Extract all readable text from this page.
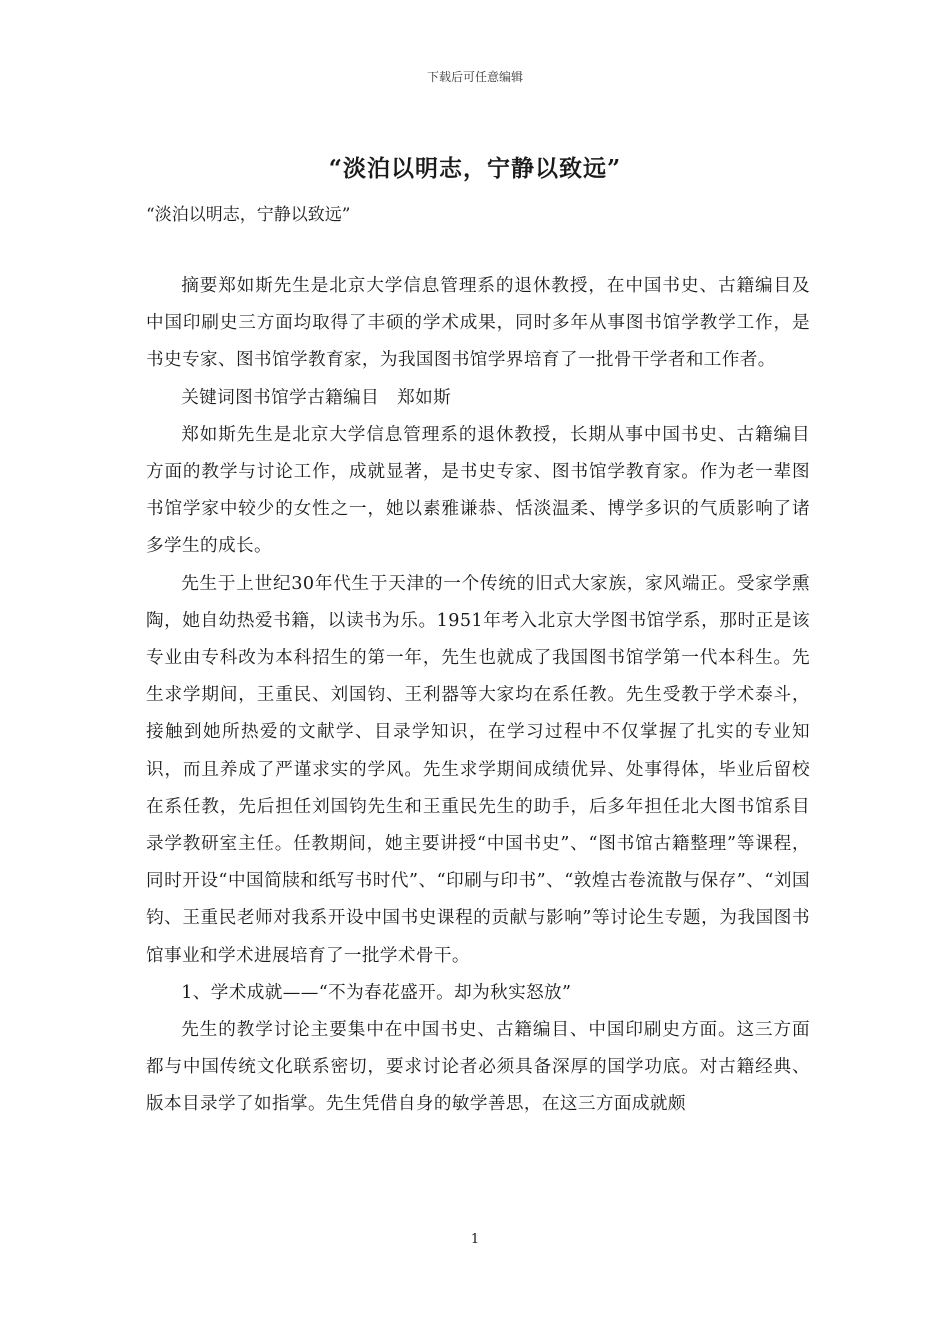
下载后可任意编辑
“淡泊以明志，宁静以致远”

“淡泊以明志，宁静以致远”

摘要郑如斯先生是北京大学信息管理系的退休教授，在中国书史、古籍编目及中国印刷史三方面均取得了丰硕的学术成果，同时多年从事图书馆学教学工作，是书史专家、图书馆学教育家，为我国图书馆学界培育了一批骨干学者和工作者。

关键词图书馆学古籍编目　郑如斯

郑如斯先生是北京大学信息管理系的退休教授，长期从事中国书史、古籍编目方面的教学与讨论工作，成就显著，是书史专家、图书馆学教育家。作为老一辈图书馆学家中较少的女性之一，她以素雅谦恭、恬淡温柔、博学多识的气质影响了诸多学生的成长。

先生于上世纪30年代生于天津的一个传统的旧式大家族，家风端正。受家学熏陶，她自幼热爱书籍，以读书为乐。1951年考入北京大学图书馆学系，那时正是该专业由专科改为本科招生的第一年，先生也就成了我国图书馆学第一代本科生。先生求学期间，王重民、刘国钧、王利器等大家均在系任教。先生受教于学术泰斗，接触到她所热爱的文献学、目录学知识，在学习过程中不仅掌握了扎实的专业知识，而且养成了严谨求实的学风。先生求学期间成绩优异、处事得体，毕业后留校在系任教，先后担任刘国钧先生和王重民先生的助手，后多年担任北大图书馆系目录学教研室主任。任教期间，她主要讲授“中国书史”、“图书馆古籍整理”等课程，同时开设“中国简牍和纸写书时代”、“印刷与印书”、“敦煌古卷流散与保存”、“刘国钧、王重民老师对我系开设中国书史课程的贡献与影响”等讨论生专题，为我国图书馆事业和学术进展培育了一批学术骨干。

1、学术成就——“不为春花盛开。却为秋实怒放”

先生的教学讨论主要集中在中国书史、古籍编目、中国印刷史方面。这三方面都与中国传统文化联系密切，要求讨论者必须具备深厚的国学功底。对古籍经典、版本目录学了如指掌。先生凭借自身的敏学善思，在这三方面成就颇

1
